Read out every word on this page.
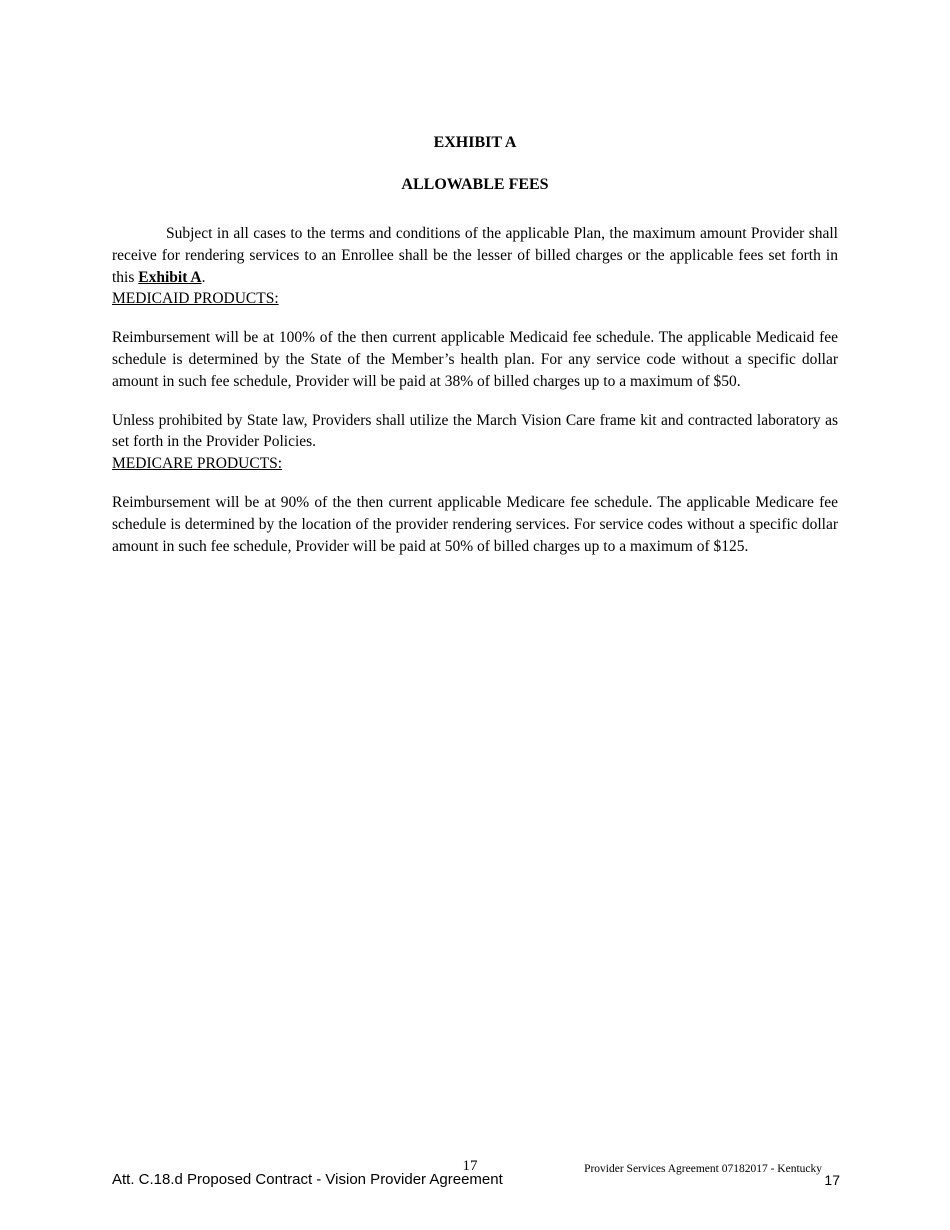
EXHIBIT A
ALLOWABLE FEES

Subject in all cases to the terms and conditions of the applicable Plan, the maximum amount Provider shall receive for rendering services to an Enrollee shall be the lesser of billed charges or the applicable fees set forth in this Exhibit A.

MEDICAID PRODUCTS:

Reimbursement will be at 100% of the then current applicable Medicaid fee schedule. The applicable Medicaid fee schedule is determined by the State of the Member’s health plan. For any service code without a specific dollar amount in such fee schedule, Provider will be paid at 38% of billed charges up to a maximum of $50.

Unless prohibited by State law, Providers shall utilize the March Vision Care frame kit and contracted laboratory as set forth in the Provider Policies.

MEDICARE PRODUCTS:

Reimbursement will be at 90% of the then current applicable Medicare fee schedule. The applicable Medicare fee schedule is determined by the location of the provider rendering services. For service codes without a specific dollar amount in such fee schedule, Provider will be paid at 50% of billed charges up to a maximum of $125.

17
Att. C.18.d Proposed Contract - Vision Provider Agreement
Provider Services Agreement 07182017 - Kentucky
17
